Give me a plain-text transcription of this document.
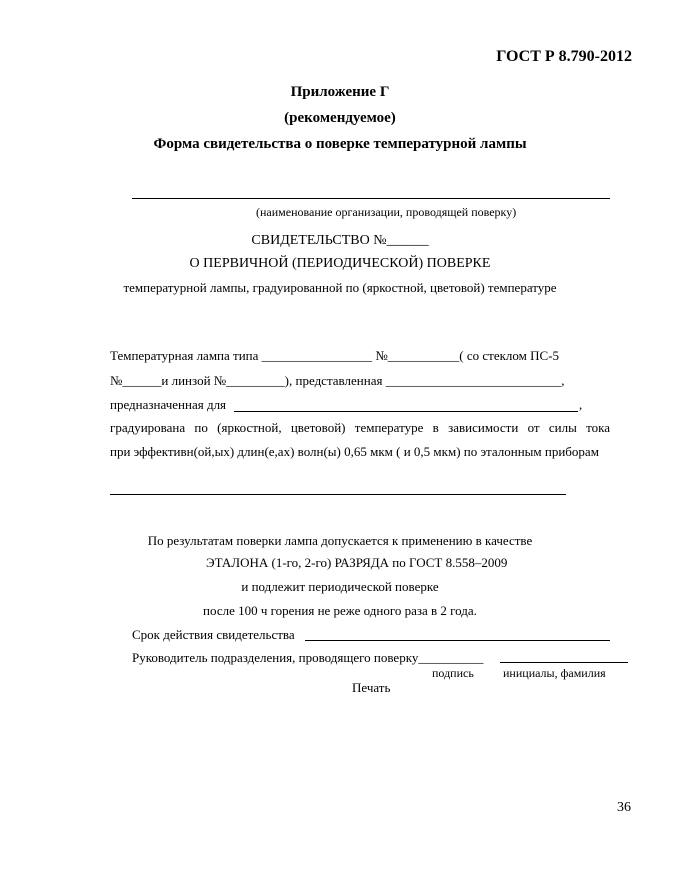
ГОСТ Р 8.790-2012
Приложение Г
(рекомендуемое)
Форма свидетельства о поверке температурной лампы
(наименование организации, проводящей поверку)
СВИДЕТЕЛЬСТВО №______
О ПЕРВИЧНОЙ (ПЕРИОДИЧЕСКОЙ) ПОВЕРКЕ
температурной лампы, градуированной по (яркостной, цветовой) температуре
Температурная лампа типа _________________ №___________( со стеклом ПС-5
№______и линзой №_________), представленная ___________________________,
предназначенная для	,
градуирована по (яркостной, цветовой) температуре в зависимости от силы тока
при эффективн(ой,ых) длин(е,ах) волн(ы) 0,65 мкм ( и 0,5 мкм) по эталонным приборам
По результатам поверки лампа допускается к применению в качестве
ЭТАЛОНА (1-го, 2-го) РАЗРЯДА по ГОСТ 8.558–2009
и подлежит периодической поверке
после 100 ч горения не реже одного раза в 2 года.
Срок действия свидетельства
Руководитель подразделения, проводящего поверку__________
подпись инициалы, фамилия
Печать
36
